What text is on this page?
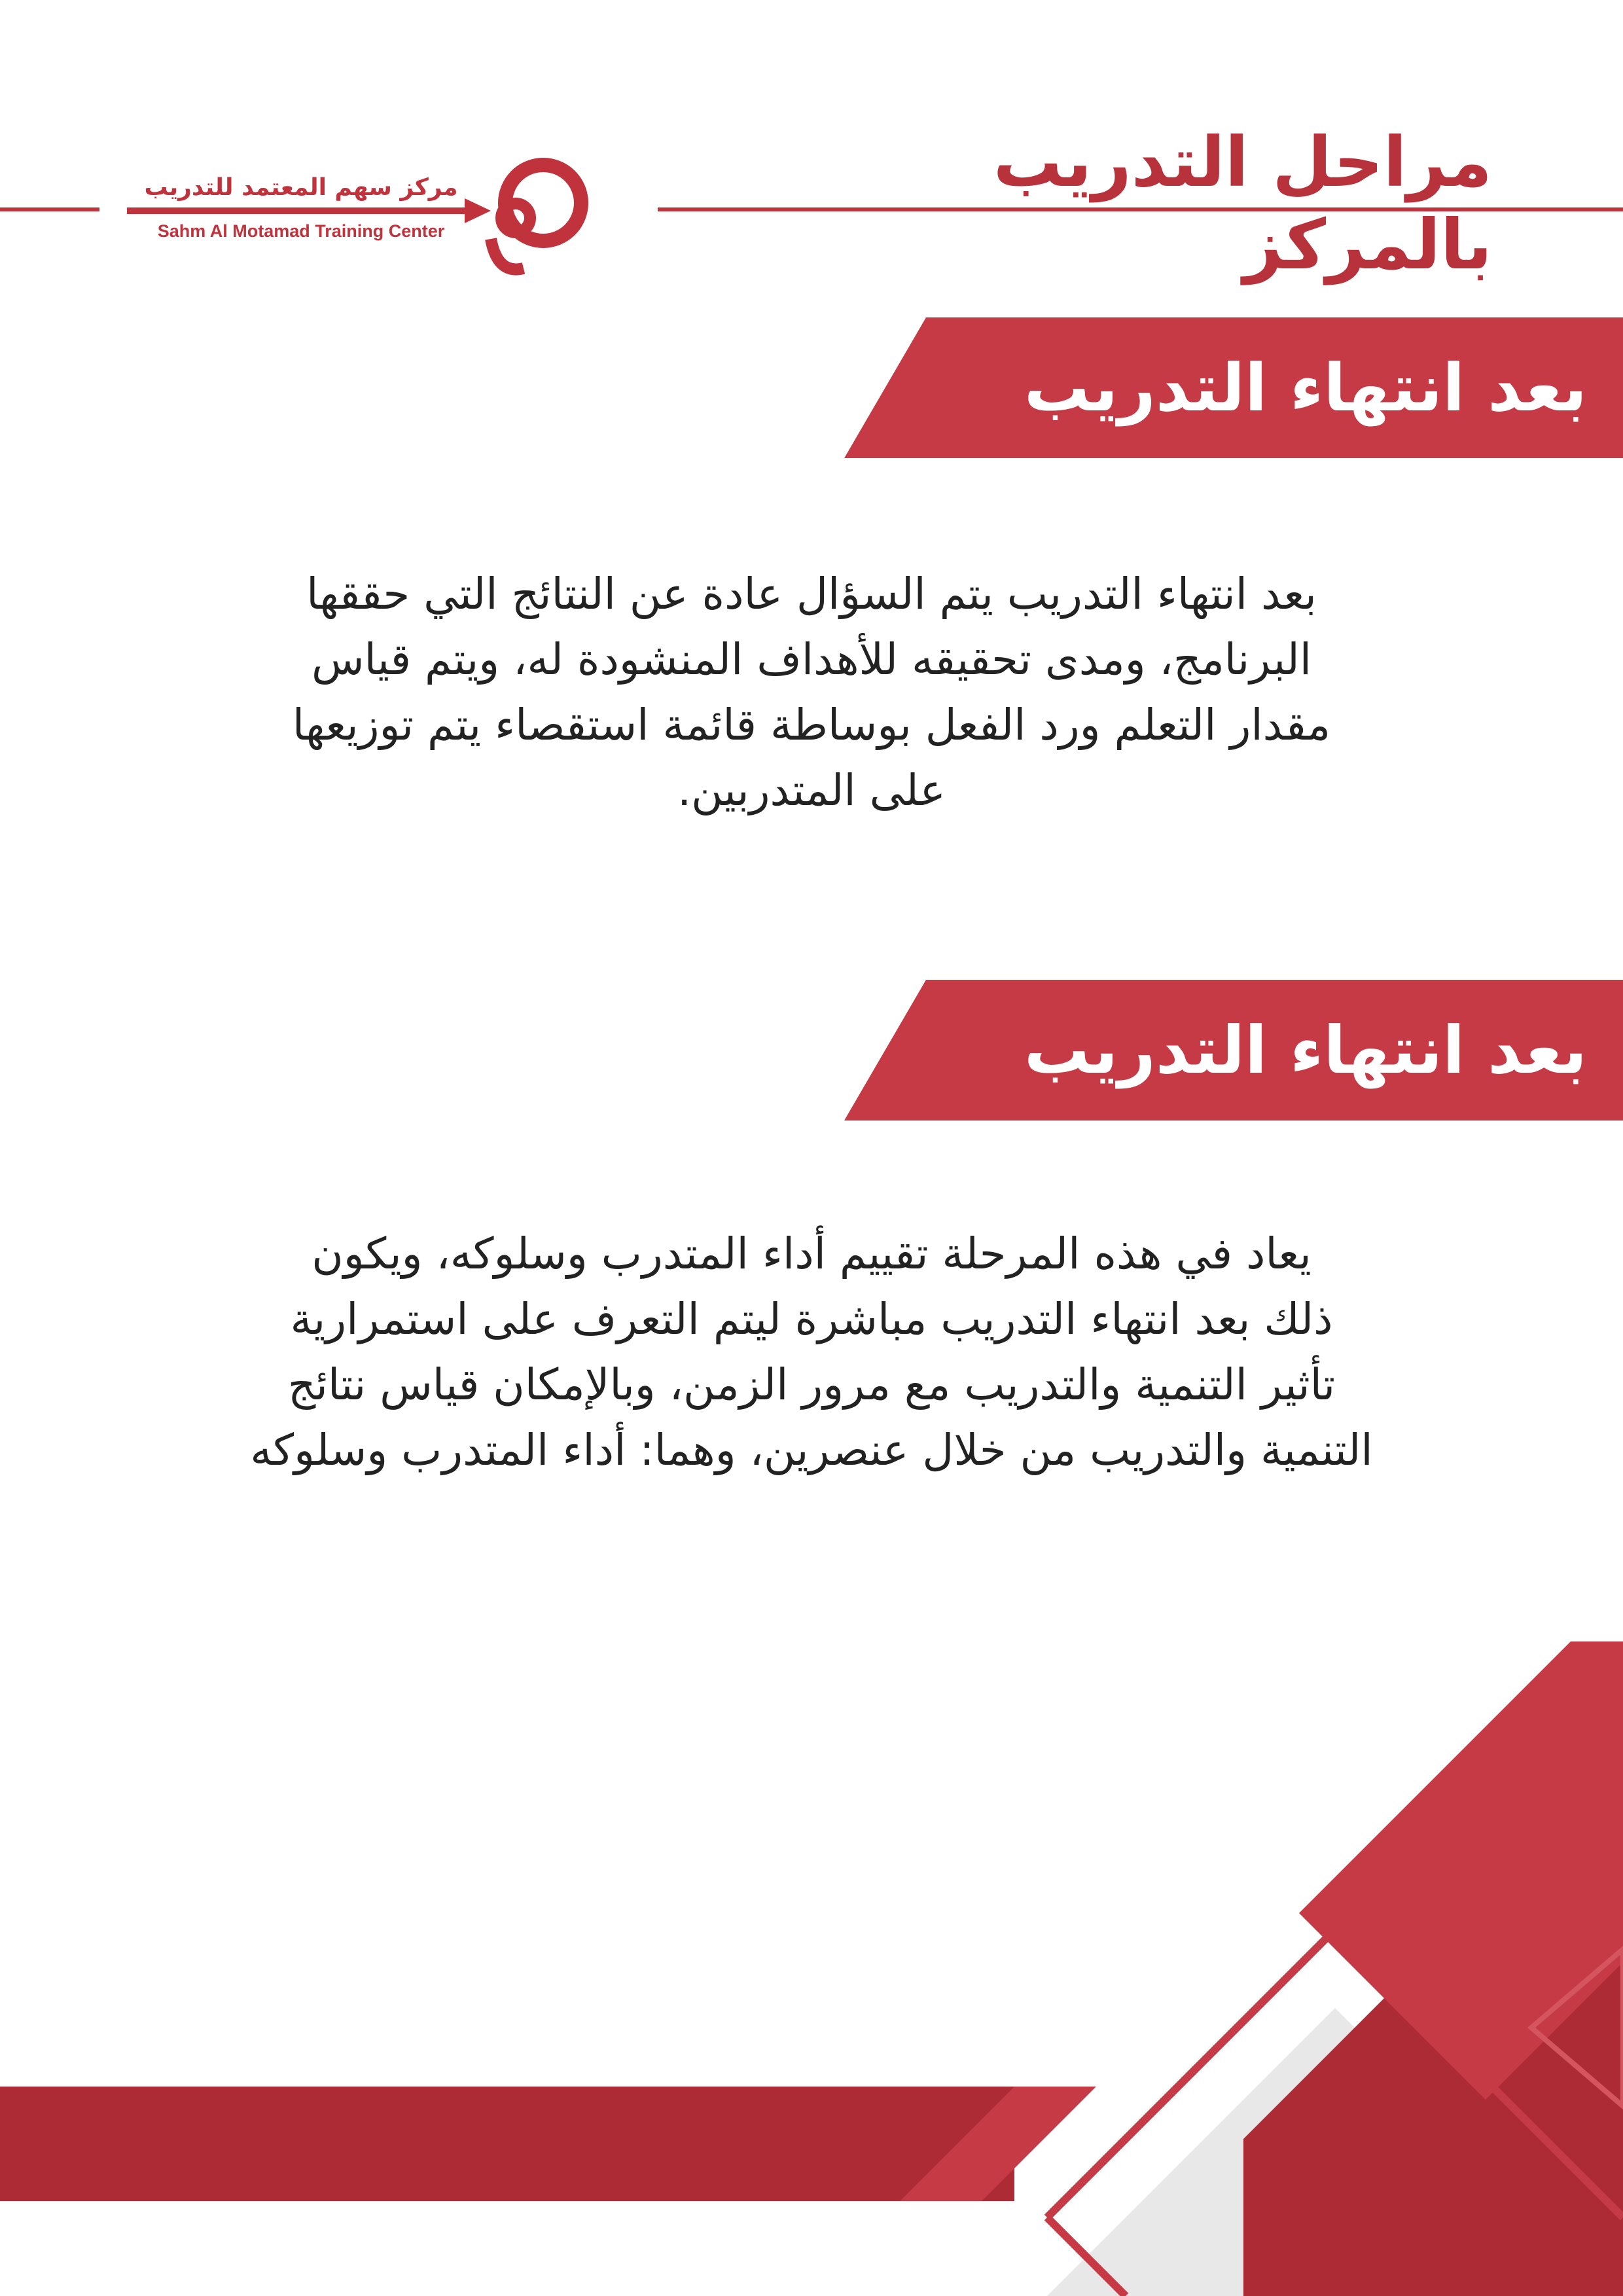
مراحل التدريب بالمركز
مركز سهم المعتمد للتدريب
Sahm Al Motamad Training Center
بعد انتهاء التدريب
بعد انتهاء التدريب يتم السؤال عادة عن النتائج التي حققها
البرنامج، ومدى تحقيقه للأهداف المنشودة له، ويتم قياس
مقدار التعلم ورد الفعل بوساطة قائمة استقصاء يتم توزيعها
على المتدربين.
بعد انتهاء التدريب
يعاد في هذه المرحلة تقييم أداء المتدرب وسلوكه، ويكون
ذلك بعد انتهاء التدريب مباشرة ليتم التعرف على استمرارية
تأثير التنمية والتدريب مع مرور الزمن، وبالإمكان قياس نتائج
التنمية والتدريب من خلال عنصرين، وهما: أداء المتدرب وسلوكه
